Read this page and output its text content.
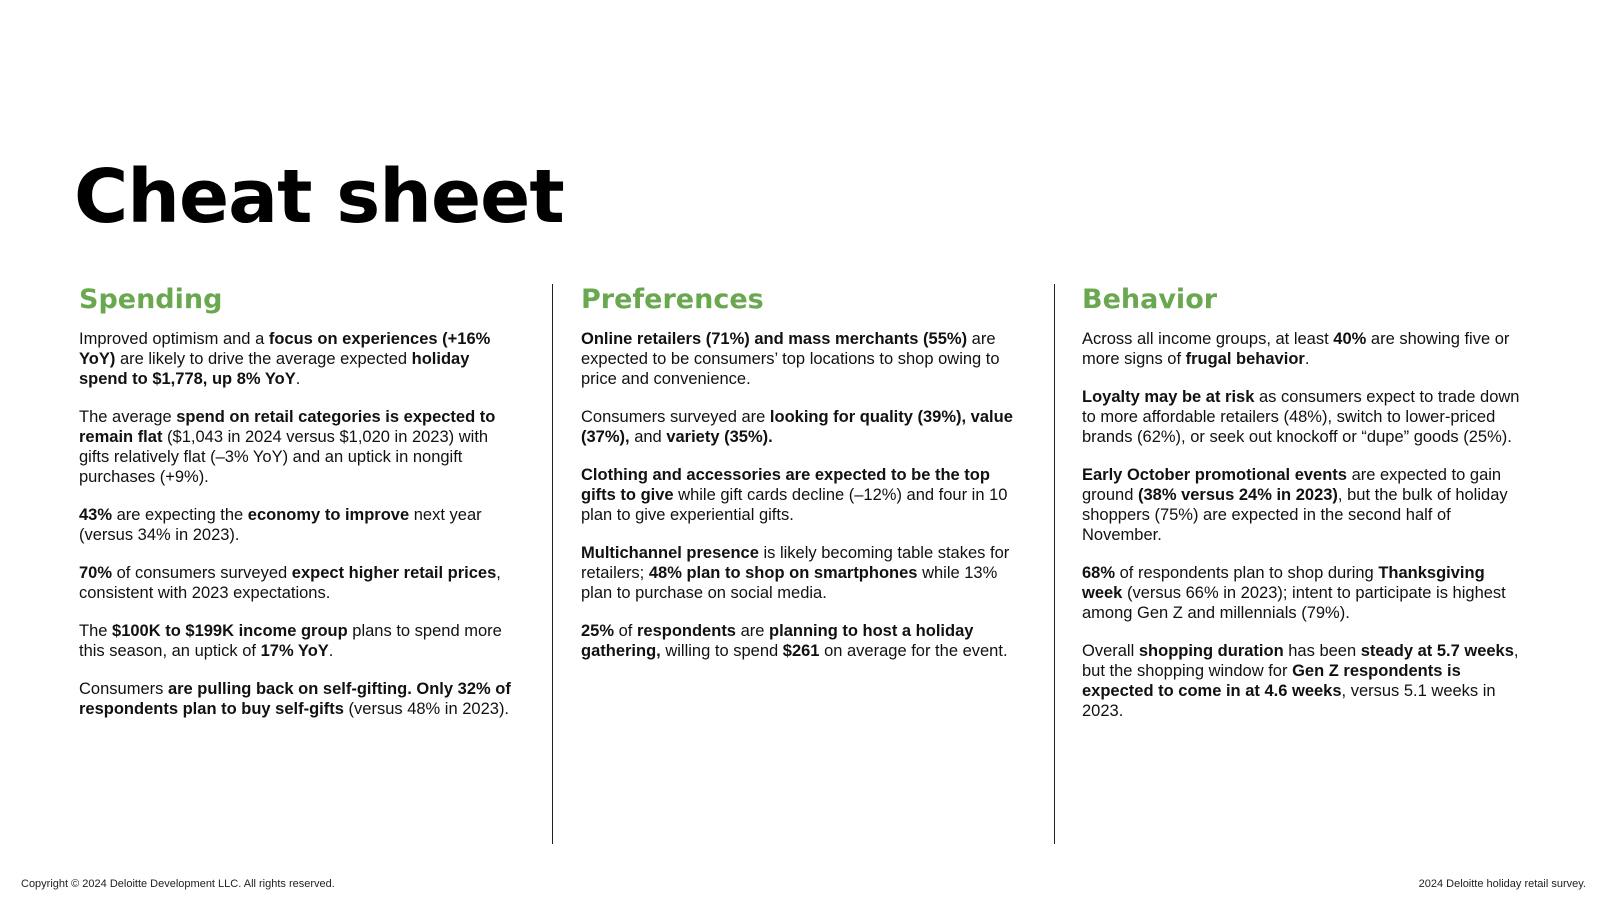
Cheat sheet
Spending

Improved optimism and a focus on experiences (+16% YoY) are likely to drive the average expected holiday spend to $1,778, up 8% YoY.

The average spend on retail categories is expected to remain flat ($1,043 in 2024 versus $1,020 in 2023) with gifts relatively flat (–3% YoY) and an uptick in nongift purchases (+9%).

43% are expecting the economy to improve next year (versus 34% in 2023).

70% of consumers surveyed expect higher retail prices, consistent with 2023 expectations.

The $100K to $199K income group plans to spend more this season, an uptick of 17% YoY.

Consumers are pulling back on self-gifting. Only 32% of respondents plan to buy self-gifts (versus 48% in 2023).

Preferences

Online retailers (71%) and mass merchants (55%) are expected to be consumers’ top locations to shop owing to price and convenience.

Consumers surveyed are looking for quality (39%), value (37%), and variety (35%).

Clothing and accessories are expected to be the top gifts to give while gift cards decline (–12%) and four in 10 plan to give experiential gifts.

Multichannel presence is likely becoming table stakes for retailers; 48% plan to shop on smartphones while 13% plan to purchase on social media.

25% of respondents are planning to host a holiday gathering, willing to spend $261 on average for the event.

Behavior

Across all income groups, at least 40% are showing five or more signs of frugal behavior.

Loyalty may be at risk as consumers expect to trade down to more affordable retailers (48%), switch to lower-priced brands (62%), or seek out knockoff or “dupe” goods (25%).

Early October promotional events are expected to gain ground (38% versus 24% in 2023), but the bulk of holiday shoppers (75%) are expected in the second half of November.

68% of respondents plan to shop during Thanksgiving week (versus 66% in 2023); intent to participate is highest among Gen Z and millennials (79%).

Overall shopping duration has been steady at 5.7 weeks, but the shopping window for Gen Z respondents is expected to come in at 4.6 weeks, versus 5.1 weeks in 2023.

Copyright © 2024 Deloitte Development LLC. All rights reserved.	2024 Deloitte holiday retail survey.
